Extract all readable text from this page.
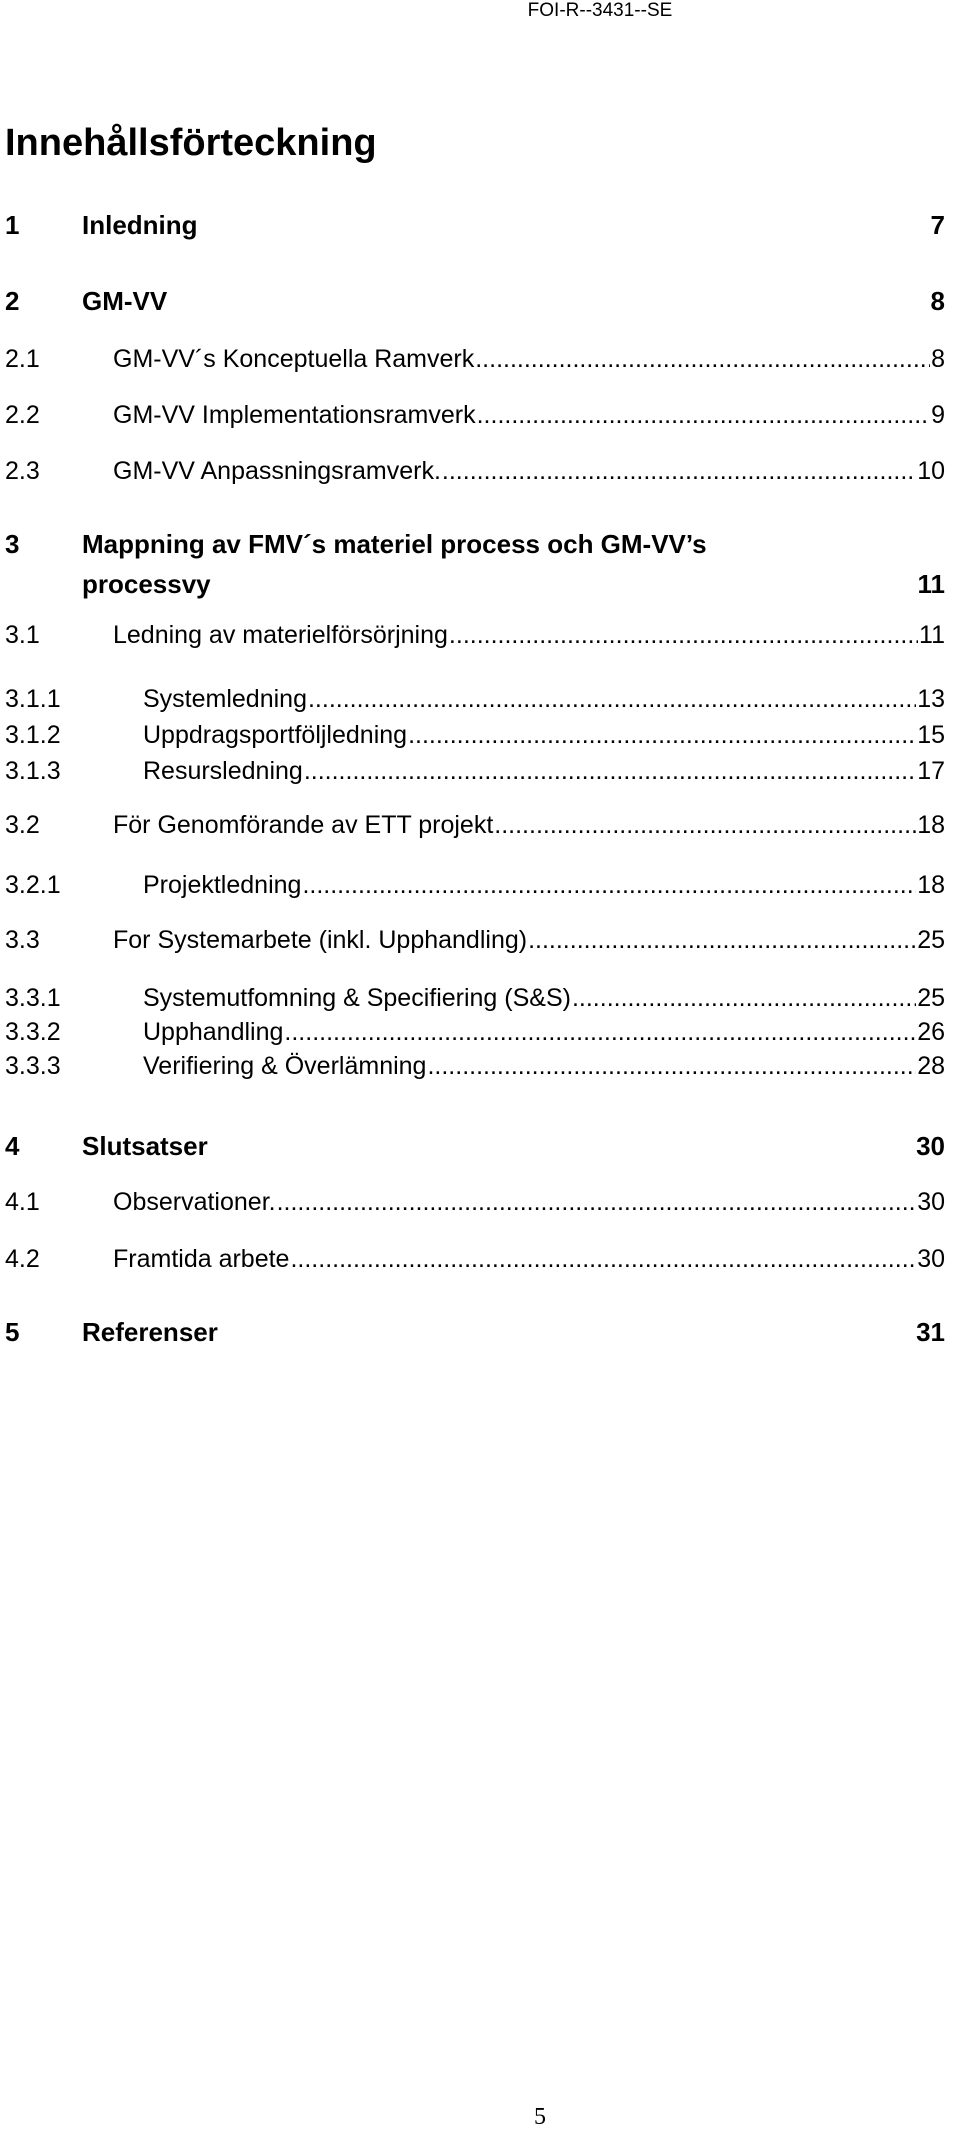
FOI-R--3431--SE
Innehållsförteckning
1	Inledning	7
2	GM-VV	8
2.1	GM-VV´s Konceptuella Ramverk .....	8
2.2	GM-VV Implementationsramverk .....	9
2.3	GM-VV Anpassningsramverk. .....	10
3	Mappning av FMV´s materiel process och GM-VV’s
processvy	11
3.1	Ledning av materielförsörjning .....	11
3.1.1	Systemledning .....	13
3.1.2	Uppdragsportföljledning .....	15
3.1.3	Resursledning .....	17
3.2	För Genomförande av ETT projekt .....	18
3.2.1	Projektledning .....	18
3.3	For Systemarbete (inkl. Upphandling) .....	25
3.3.1	Systemutfomning & Specifiering (S&S) .....	25
3.3.2	Upphandling .....	26
3.3.3	Verifiering & Överlämning .....	28
4	Slutsatser	30
4.1	Observationer. .....	30
4.2	Framtida arbete .....	30
5	Referenser	31
5
